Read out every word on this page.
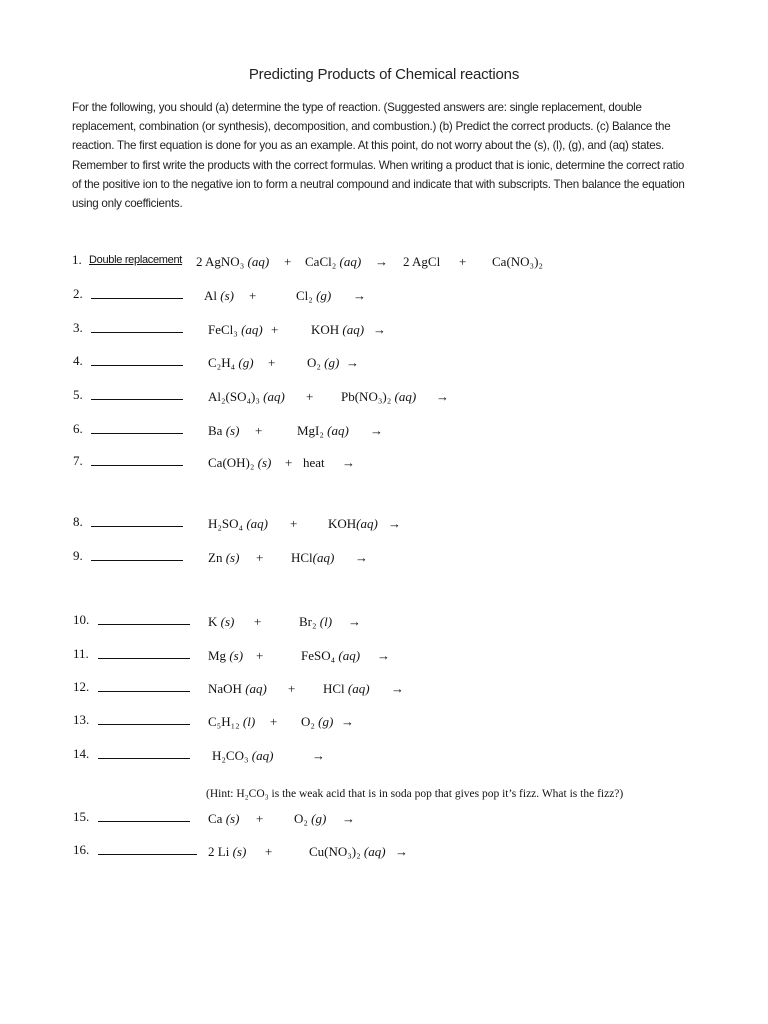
Predicting Products of Chemical reactions
For the following, you should (a) determine the type of reaction. (Suggested answers are: single replacement, double replacement, combination (or synthesis), decomposition, and combustion.) (b) Predict the correct products. (c) Balance the reaction. The first equation is done for you as an example. At this point, do not worry about the (s), (l), (g), and (aq) states. Remember to first write the products with the correct formulas. When writing a product that is ionic, determine the correct ratio of the positive ion to the negative ion to form a neutral compound and indicate that with subscripts. Then balance the equation using only coefficients.
1. Double replacement 2 AgNO₃ (aq) + CaCl₂ (aq) → 2 AgCl + Ca(NO₃)₂
2.	Al (s) +	Cl₂ (g) →
3.	FeCl₃ (aq) +	KOH (aq) →
4.	C₂H₄ (g) + O₂ (g) →
5.	Al₂(SO₄)₃ (aq) + Pb(NO₃)₂ (aq) →
6.	Ba (s) +	MgI₂ (aq) →
7.	Ca(OH)₂ (s) + heat →
8.	H₂SO₄ (aq) + KOH(aq) →
9.	Zn (s) + HCl(aq) →
10.	K (s) +	Br₂ (l) →
11.	Mg (s) +	FeSO₄ (aq) →
12.	NaOH (aq) + HCl (aq) →
13.	C₅H₁₂ (l) + O₂ (g) →
14.	H₂CO₃ (aq)	→
15.	Ca (s) + O₂ (g) →
16.	2 Li (s) +	Cu(NO₃)₂ (aq) →
(Hint: H₂CO₃ is the weak acid that is in soda pop that gives pop it’s fizz. What is the fizz?)
